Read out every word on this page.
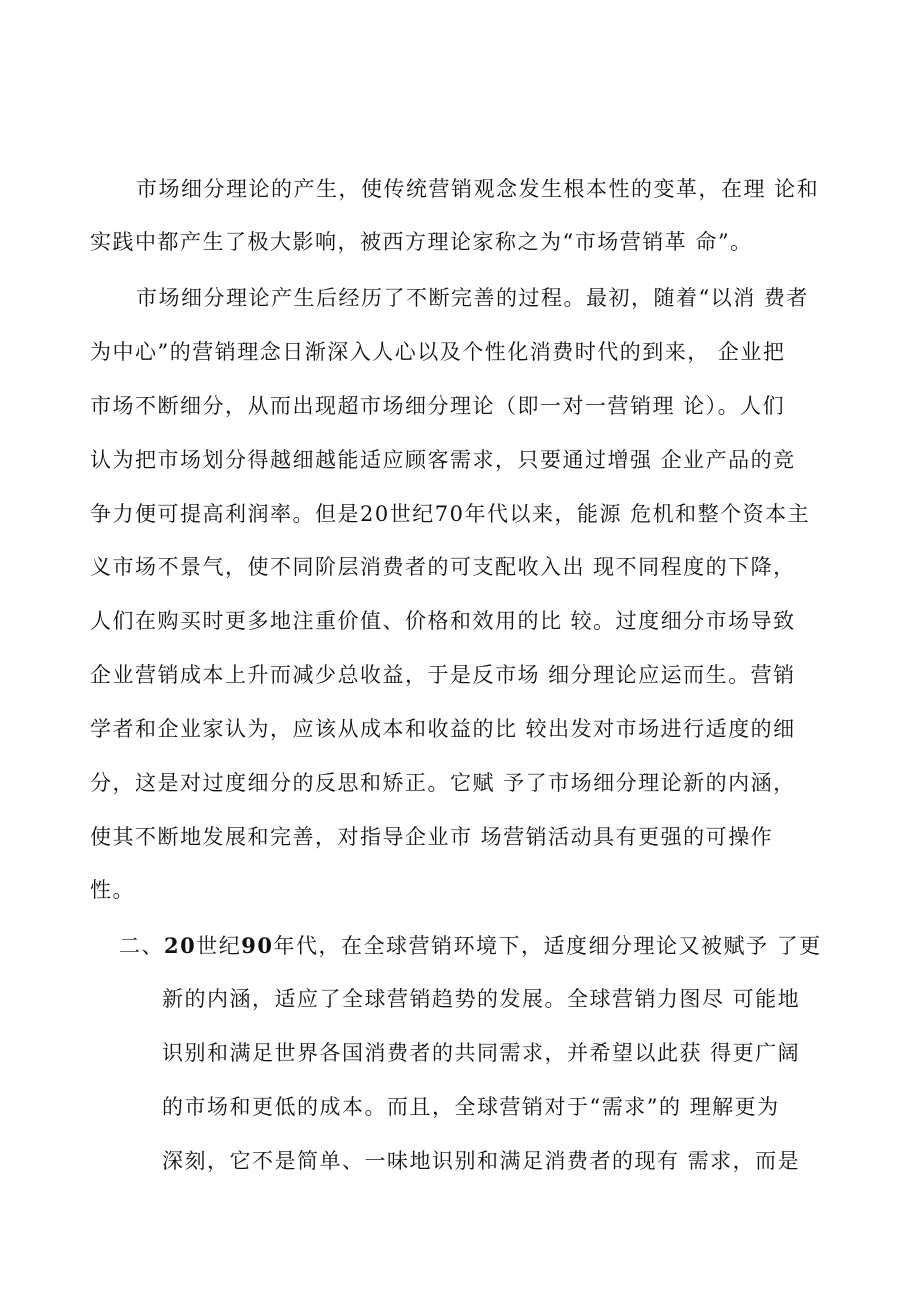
市场细分理论的产生，使传统营销观念发生根本性的变革，在理 论和
实践中都产生了极大影响，被西方理论家称之为“市场营销革 命”。
市场细分理论产生后经历了不断完善的过程。最初，随着“以消 费者
为中心”的营销理念日渐深入人心以及个性化消费时代的到来， 企业把
市场不断细分，从而出现超市场细分理论（即一对一营销理 论）。人们
认为把市场划分得越细越能适应顾客需求，只要通过增强 企业产品的竞
争力便可提高利润率。但是20世纪70年代以来，能源 危机和整个资本主
义市场不景气，使不同阶层消费者的可支配收入出 现不同程度的下降，
人们在购买时更多地注重价值、价格和效用的比 较。过度细分市场导致
企业营销成本上升而减少总收益，于是反市场 细分理论应运而生。营销
学者和企业家认为，应该从成本和收益的比 较出发对市场进行适度的细
分，这是对过度细分的反思和矫正。它赋 予了市场细分理论新的内涵，
使其不断地发展和完善，对指导企业市 场营销活动具有更强的可操作
性。
二、20世纪90年代，在全球营销环境下，适度细分理论又被赋予 了更
新的内涵，适应了全球营销趋势的发展。全球营销力图尽 可能地
识别和满足世界各国消费者的共同需求，并希望以此获 得更广阔
的市场和更低的成本。而且，全球营销对于“需求”的 理解更为
深刻，它不是简单、一味地识别和满足消费者的现有 需求，而是
